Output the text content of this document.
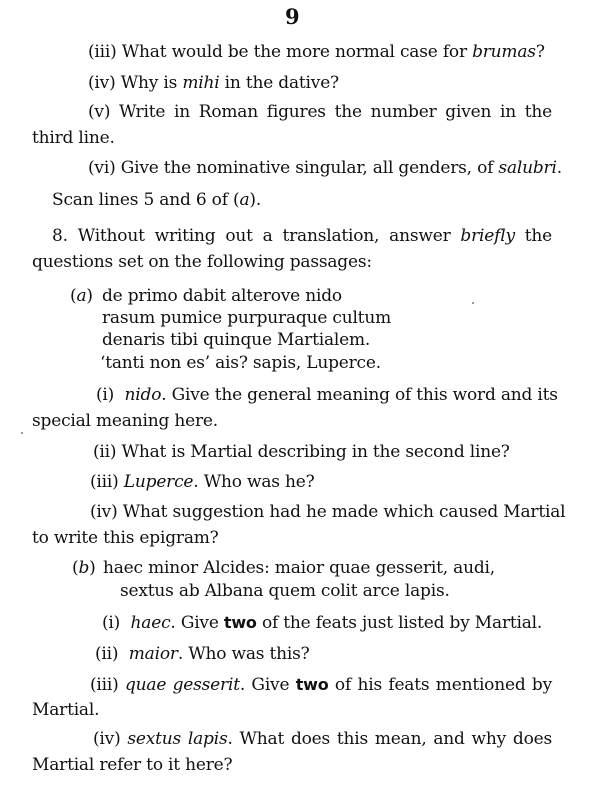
9
(iii) What would be the more normal case for brumas?
(iv) Why is mihi in the dative?
(v) Write in Roman figures the number given in the
third line.
(vi) Give the nominative singular, all genders, of salubri.
Scan lines 5 and 6 of (a).
8. Without writing out a translation, answer briefly the
questions set on the following passages:
(a) de primo dabit alterove nido
rasum pumice purpuraque cultum
denaris tibi quinque Martialem.
‘tanti non es’ ais? sapis, Luperce.
(i) nido. Give the general meaning of this word and its
special meaning here.
(ii) What is Martial describing in the second line?
(iii) Luperce. Who was he?
(iv) What suggestion had he made which caused Martial
to write this epigram?
(b) haec minor Alcides: maior quae gesserit, audi,
sextus ab Albana quem colit arce lapis.
(i) haec. Give two of the feats just listed by Martial.
(ii) maior. Who was this?
(iii) quae gesserit. Give two of his feats mentioned by
Martial.
(iv) sextus lapis. What does this mean, and why does
Martial refer to it here?
